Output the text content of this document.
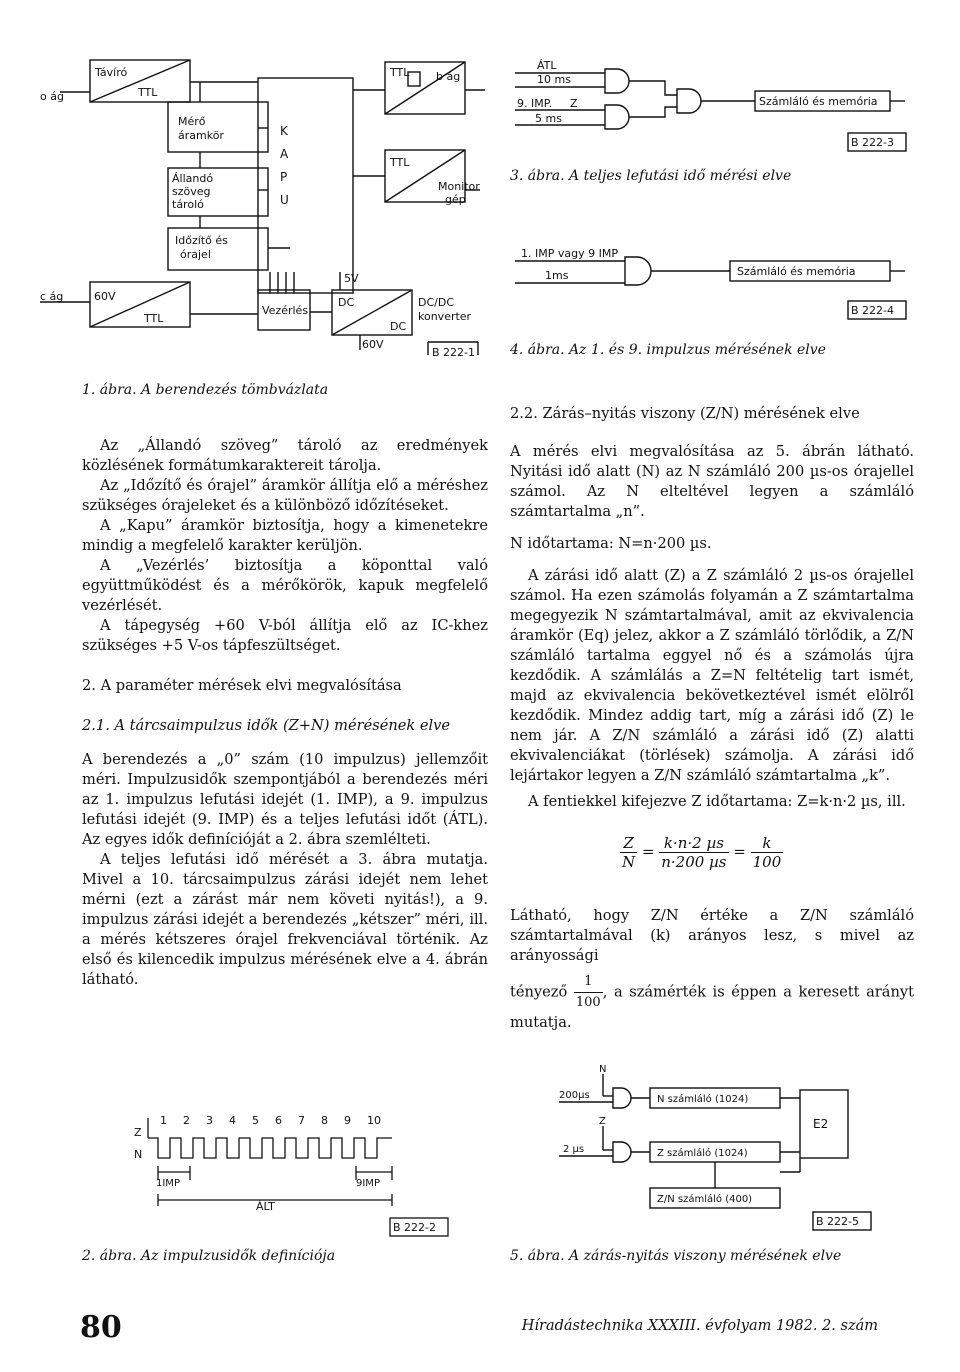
o ág
Távíró
TTL
Mérő
áramkör	K
A
P
U
Állandó
szöveg
tároló
TTL b ág
TTL
Monitor
gép
Időzítő és
órajel
5V
c ág	60V
TTL
Vezérlés
DC
DC
DC/DC
konverter
60V
B 222-1
1. ábra. A berendezés tömbvázlata
ÁTL
10 ms
9. IMP. Z
5 ms
Számláló és memória
B 222-3
3. ábra. A teljes lefutási idő mérési elve
1. IMP vagy 9 IMP
1ms	Számláló és memória
B 222-4
4. ábra. Az 1. és 9. impulzus mérésének elve

Az „Állandó szöveg” tároló az eredmények közlésének formátumkaraktereit tárolja.

Az „Időzítő és órajel” áramkör állítja elő a méréshez szükséges órajeleket és a különböző időzítéseket.

A „Kapu” áramkör biztosítja, hogy a kimenetekre mindig a megfelelő karakter kerüljön.

A „Vezérlés’ biztosítja a köponttal való együttműködést és a mérőkörök, kapuk megfelelő vezérlését.

A tápegység +60 V-ból állítja elő az IC-khez szükséges +5 V-os tápfeszültséget.

2. A paraméter mérések elvi megvalósítása
2.1. A tárcsaimpulzus idők (Z+N) mérésének elve

A berendezés a „0” szám (10 impulzus) jellemzőit méri. Impulzusidők szempontjából a berendezés méri az 1. impulzus lefutási idejét (1. IMP), a 9. impulzus lefutási idejét (9. IMP) és a teljes lefutási időt (ÁTL). Az egyes idők definícióját a 2. ábra szemlélteti.

A teljes lefutási idő mérését a 3. ábra mutatja. Mivel a 10. tárcsaimpulzus zárási idejét nem lehet mérni (ezt a zárást már nem követi nyitás!), a 9. impulzus zárási idejét a berendezés „kétszer” méri, ill. a mérés kétszeres órajel frekvenciával történik. Az első és kilencedik impulzus mérésének elve a 4. ábrán látható.

1 2 3 4 5 6 7 8 9 10
Z
N
1IMP	9IMP
ÁLT
B 222-2
2. ábra. Az impulzusidők definíciója
2.2. Zárás–nyitás viszony (Z/N) mérésének elve

A mérés elvi megvalósítása az 5. ábrán látható. Nyitási idő alatt (N) az N számláló 200 µs-os órajellel számol. Az N elteltével legyen a számláló számtartalma „n”.

N időtartama: N=n·200 µs.

A zárási idő alatt (Z) a Z számláló 2 µs-os órajellel számol. Ha ezen számolás folyamán a Z számtartalma megegyezik N számtartalmával, amit az ekvivalencia áramkör (Eq) jelez, akkor a Z számláló törlődik, a Z/N számláló tartalma eggyel nő és a számolás újra kezdődik. A számlálás a Z=N feltételig tart ismét, majd az ekvivalencia bekövetkeztével ismét elölről kezdődik. Mindez addig tart, míg a zárási idő (Z) le nem jár. A Z/N számláló a zárási idő (Z) alatti ekvivalenciákat (törlések) számolja. A zárási idő lejártakor legyen a Z/N számláló számtartalma „k”.

A fentiekkel kifejezve Z időtartama: Z=k·n·2 µs, ill.

$\frac{Z}{N} = \frac{\text{k·n·2 µs}}{\text{n·200 µs}} = \frac{k}{100}$

Látható, hogy Z/N értéke a Z/N számláló számtartalmával (k) arányos lesz, s mivel az arányossági

tényező $\frac{1}{100}$ , a számérték is éppen a keresett arányt mutatja.

N
200µs
Z
2 µs
N számláló (1024)
Z számláló (1024)
Z/N számláló (400)
E2
B 222-5
5. ábra. A zárás-nyitás viszony mérésének elve
80	Híradástechnika XXXIII. évfolyam 1982. 2. szám
